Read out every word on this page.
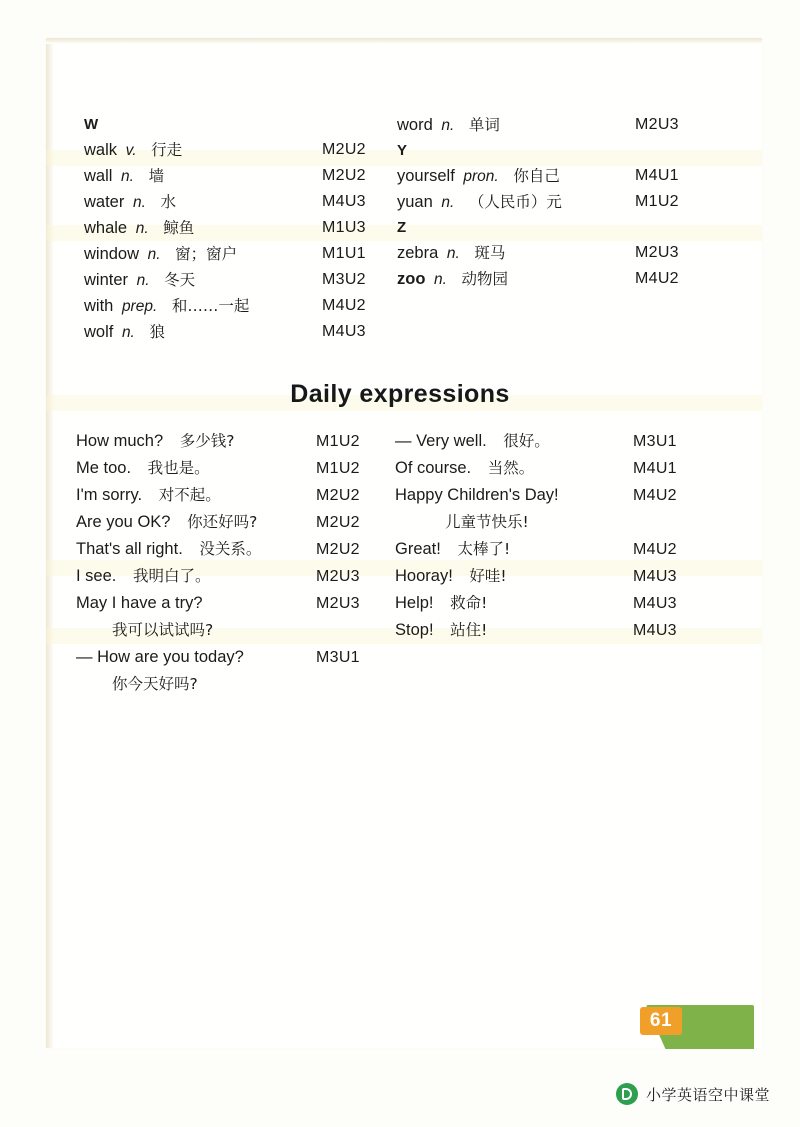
W
walk v. 行走	M2U2
wall n. 墙	M2U2
water n. 水	M4U3
whale n. 鲸鱼	M1U3
window n. 窗；窗户	M1U1
winter n. 冬天	M3U2
with prep. 和……一起	M4U2
wolf n. 狼	M4U3
word n. 单词	M2U3
Y
yourself pron. 你自己	M4U1
yuan n. （人民币）元	M1U2
Z
zebra n. 斑马	M2U3
zoo n. 动物园	M4U2
Daily expressions
How much? 多少钱?	M1U2
Me too. 我也是。	M1U2
I'm sorry. 对不起。	M2U2
Are you OK? 你还好吗?	M2U2
That's all right. 没关系。	M2U2
I see. 我明白了。	M2U3
May I have a try?	M2U3
我可以试试吗?
— How are you today?	M3U1
你今天好吗?
— Very well. 很好。	M3U1
Of course. 当然。	M4U1
Happy Children's Day!	M4U2
儿童节快乐!
Great! 太棒了!	M4U2
Hooray! 好哇!	M4U3
Help! 救命!	M4U3
Stop! 站住!	M4U3
61
小学英语空中课堂
